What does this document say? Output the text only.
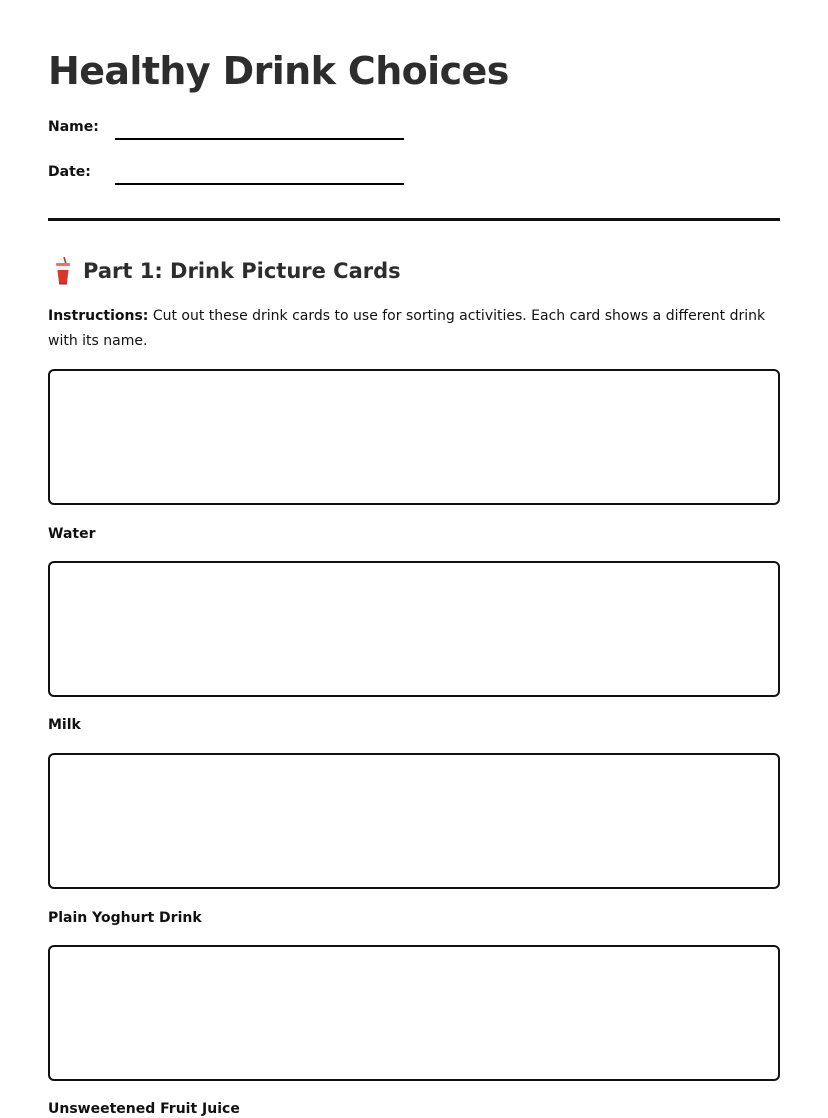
Healthy Drink Choices
Name:
Date:
Part 1: Drink Picture Cards

Instructions: Cut out these drink cards to use for sorting activities. Each card shows a different drink with its name.

Water
Milk
Plain Yoghurt Drink
Unsweetened Fruit Juice
